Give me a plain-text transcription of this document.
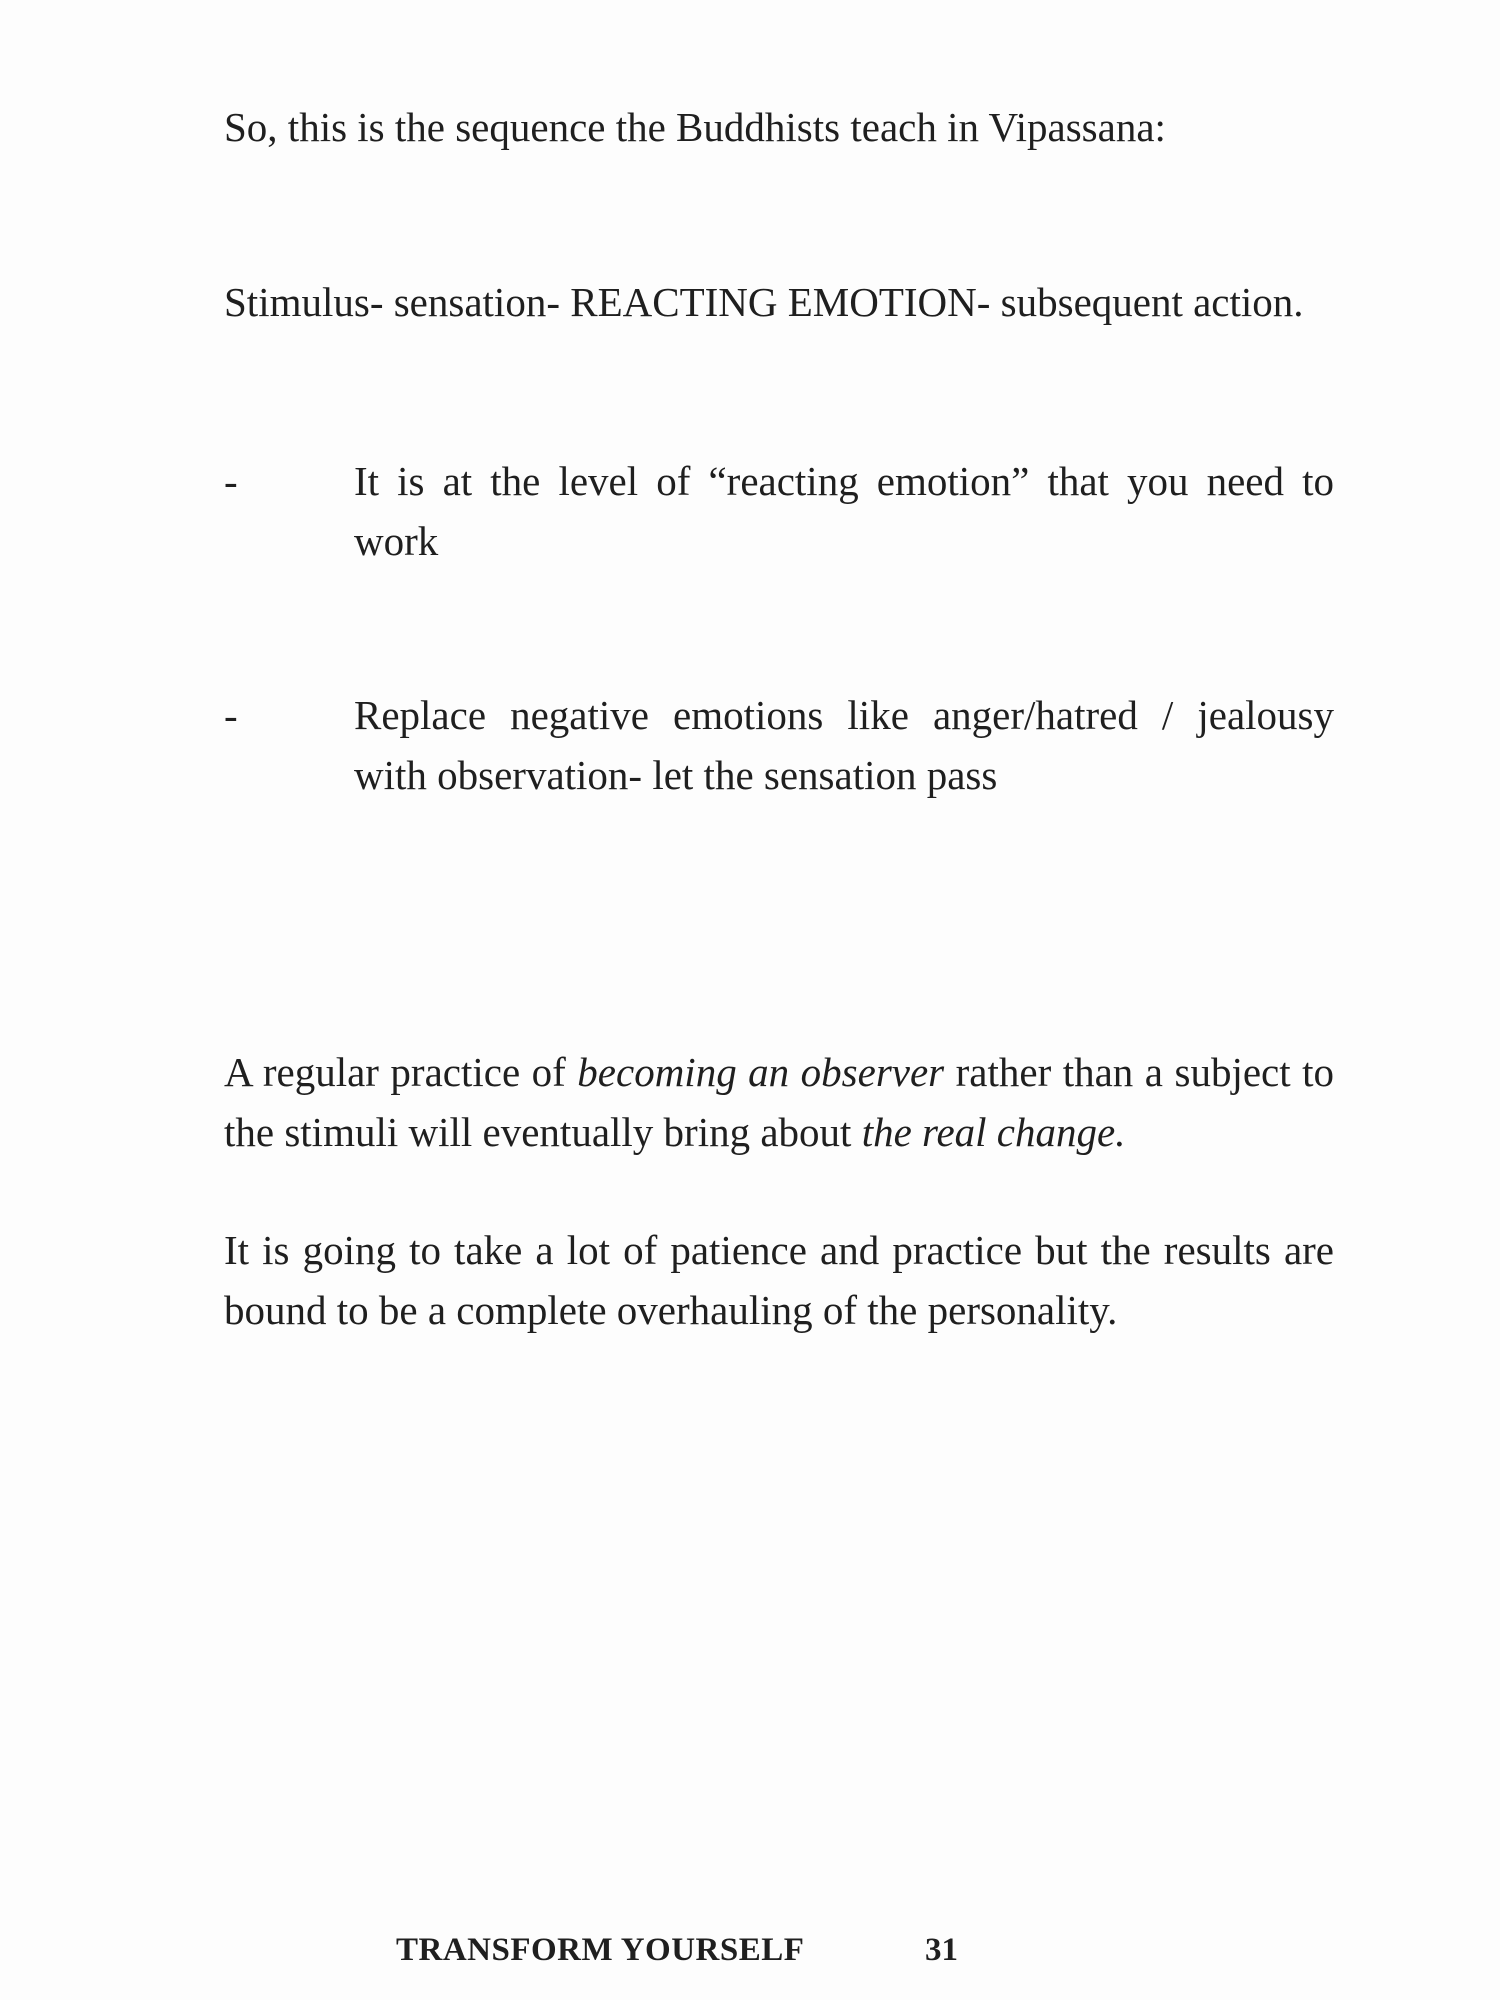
So, this is the sequence the Buddhists teach in Vipassana:

Stimulus- sensation- REACTING EMOTION- subsequent action.

-	It is at the level of “reacting emotion” that you need to work
-	Replace negative emotions like anger/hatred / jealousy with observation- let the sensation pass

A regular practice of becoming an observer rather than a subject to the stimuli will eventually bring about the real change.

It is going to take a lot of patience and practice but the results are bound to be a complete overhauling of the personality.

TRANSFORM YOURSELF	31
